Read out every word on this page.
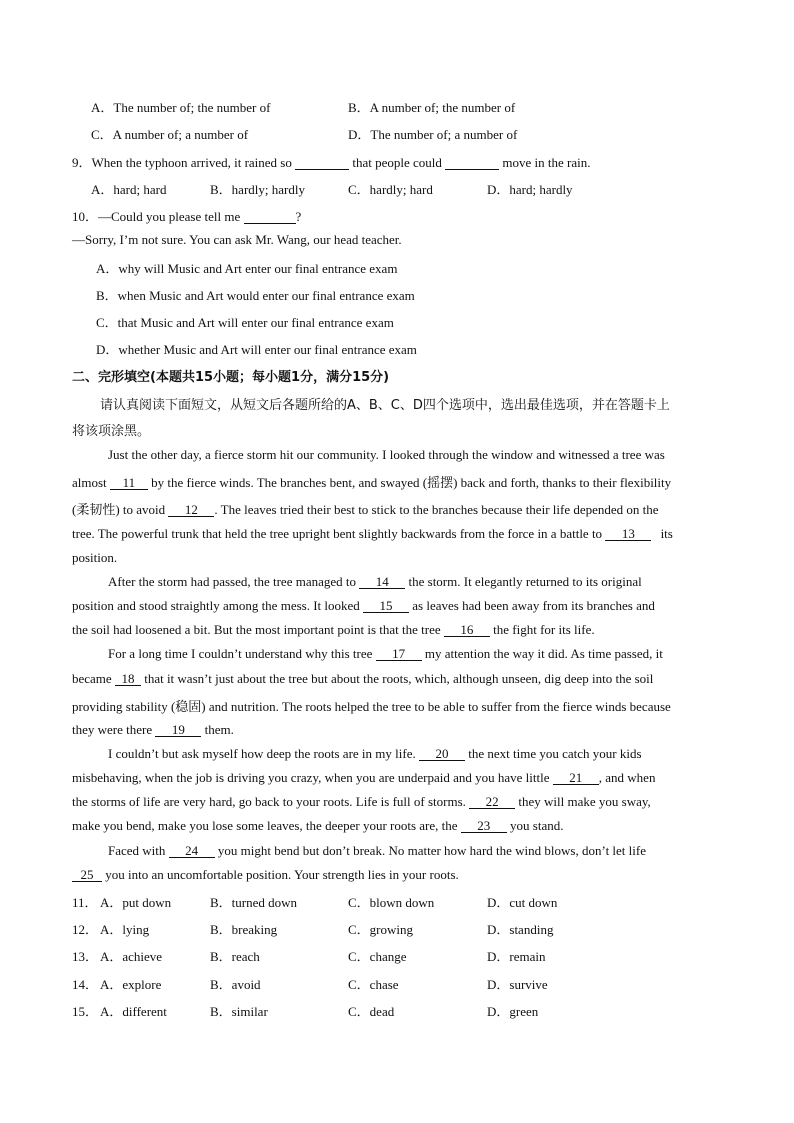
A．The number of; the number of	B．A number of; the number of
C．A number of; a number of	D．The number of; a number of
9．When the typhoon arrived, it rained so	that people could	move in the rain.
A．hard; hard	B．hardly; hardly	C．hardly; hard	D．hard; hardly
10．—Could you please tell me	?
—Sorry, I’m not sure. You can ask Mr. Wang, our head teacher.
A．why will Music and Art enter our final entrance exam
B．when Music and Art would enter our final entrance exam
C．that Music and Art will enter our final entrance exam
D．whether Music and Art will enter our final entrance exam
二、完形填空(本题共15小题；每小题1分，满分15分)
请认真阅读下面短文，从短文后各题所给的A、B、C、D四个选项中，选出最佳选项，并在答题卡上
将该项涂黑。
Just the other day, a fierce storm hit our community. I looked through the window and witnessed a tree was
almost 11 by the fierce winds. The branches bent, and swayed (摇摆) back and forth, thanks to their flexibility
(柔韧性) to avoid 12 . The leaves tried their best to stick to the branches because their life depended on the
tree. The powerful trunk that held the tree upright bent slightly backwards from the force in a battle to 13 its
position.
After the storm had passed, the tree managed to 14 the storm. It elegantly returned to its original
position and stood straightly among the mess. It looked 15 as leaves had been away from its branches and
the soil had loosened a bit. But the most important point is that the tree 16 the fight for its life.
For a long time I couldn’t understand why this tree 17 my attention the way it did. As time passed, it
became 18 that it wasn’t just about the tree but about the roots, which, although unseen, dig deep into the soil
providing stability (稳固) and nutrition. The roots helped the tree to be able to suffer from the fierce winds because
they were there 19 them.
I couldn’t but ask myself how deep the roots are in my life. 20 the next time you catch your kids
misbehaving, when the job is driving you crazy, when you are underpaid and you have little 21 , and when
the storms of life are very hard, go back to your roots. Life is full of storms. 22 they will make you sway,
make you bend, make you lose some leaves, the deeper your roots are, the 23 you stand.
Faced with 24 you might bend but don’t break. No matter how hard the wind blows, don’t let life
25 you into an uncomfortable position. Your strength lies in your roots.
11． A．put down	B．turned down	C．blown down	D．cut down
12． A．lying	B．breaking	C．growing	D．standing
13． A．achieve	B．reach	C．change	D．remain
14． A．explore	B．avoid	C．chase	D．survive
15． A．different	B．similar	C．dead	D．green
